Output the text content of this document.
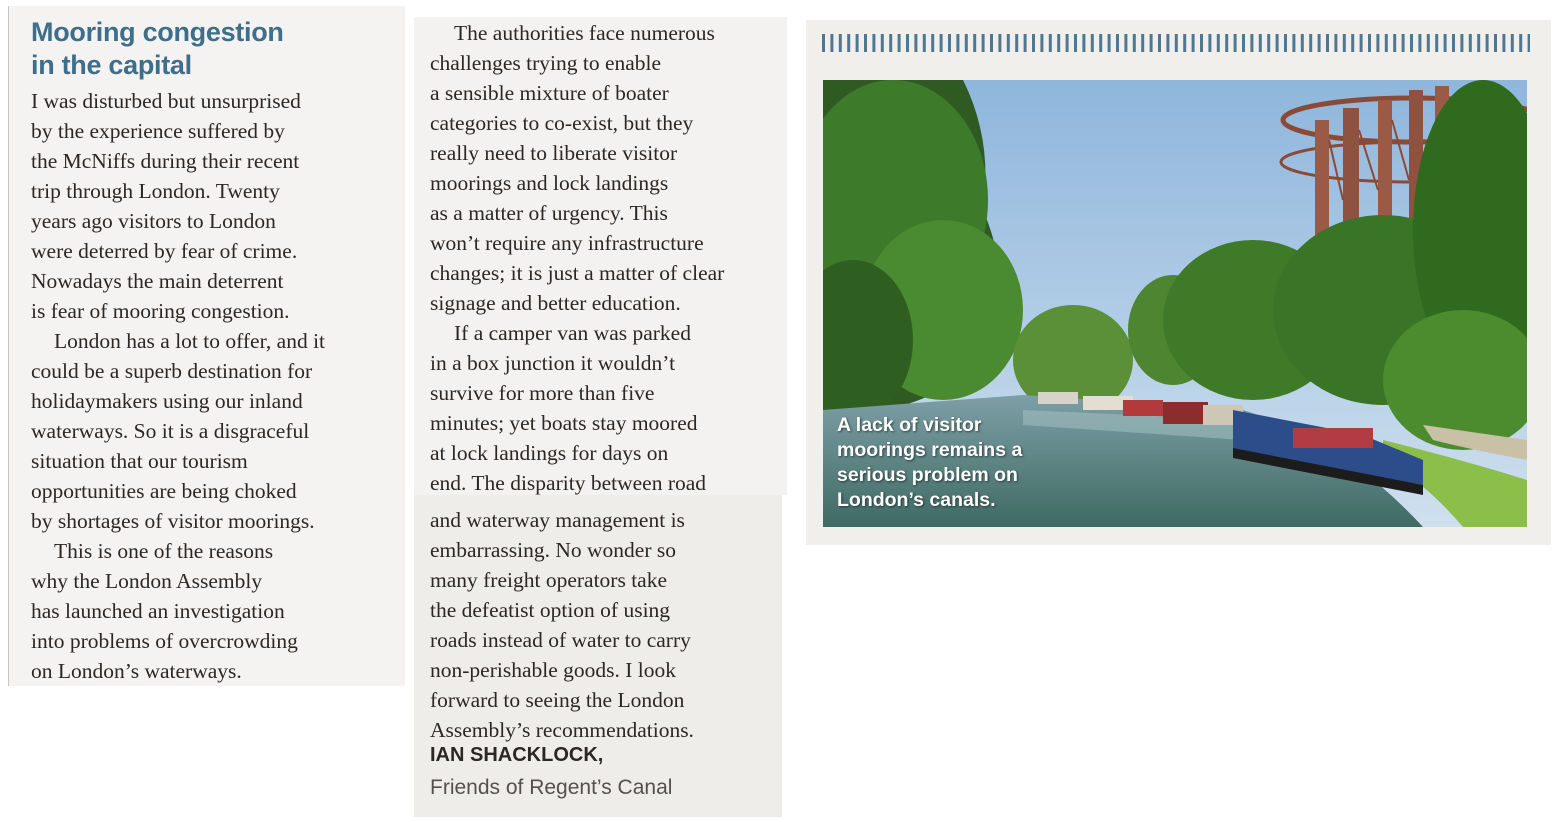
Mooring congestion
in the capital
I was disturbed but unsurprised
by the experience suffered by
the McNiffs during their recent
trip through London. Twenty
years ago visitors to London
were deterred by fear of crime.
Nowadays the main deterrent
is fear of mooring congestion.
London has a lot to offer, and it
could be a superb destination for
holidaymakers using our inland
waterways. So it is a disgraceful
situation that our tourism
opportunities are being choked
by shortages of visitor moorings.
This is one of the reasons
why the London Assembly
has launched an investigation
into problems of overcrowding
on London’s waterways.
The authorities face numerous
challenges trying to enable
a sensible mixture of boater
categories to co-exist, but they
really need to liberate visitor
moorings and lock landings
as a matter of urgency. This
won’t require any infrastructure
changes; it is just a matter of clear
signage and better education.
If a camper van was parked
in a box junction it wouldn’t
survive for more than five
minutes; yet boats stay moored
at lock landings for days on
end. The disparity between road
and waterway management is
embarrassing. No wonder so
many freight operators take
the defeatist option of using
roads instead of water to carry
non-perishable goods. I look
forward to seeing the London
Assembly’s recommendations.
IAN SHACKLOCK,
Friends of Regent’s Canal

A lack of visitor
moorings remains a
serious problem on
London’s canals.
